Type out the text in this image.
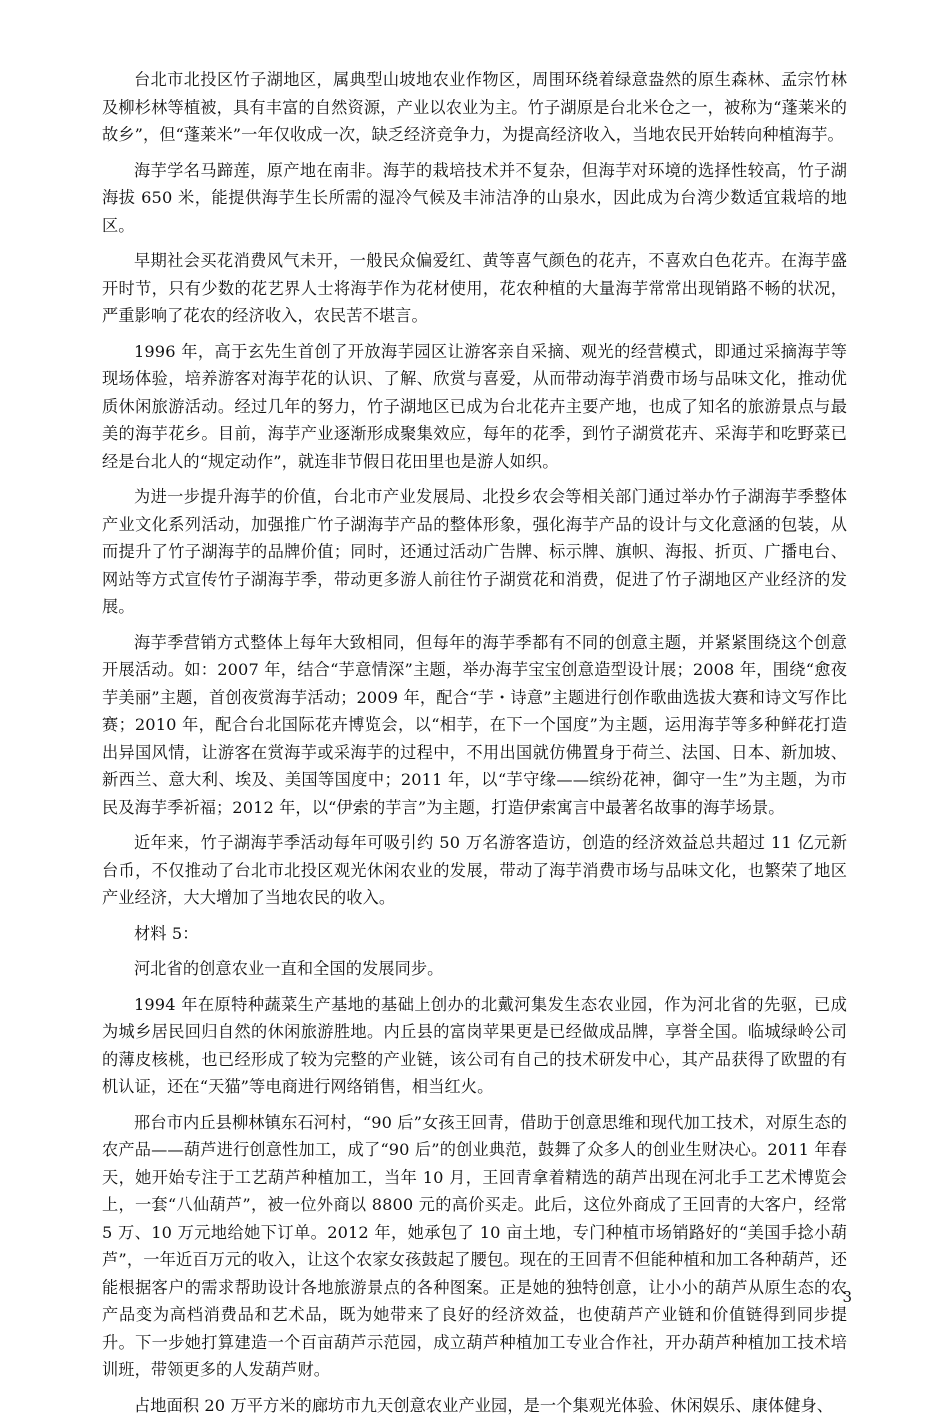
台北市北投区竹子湖地区，属典型山坡地农业作物区，周围环绕着绿意盎然的原生森林、孟宗竹林及柳杉林等植被，具有丰富的自然资源，产业以农业为主。竹子湖原是台北米仓之一，被称为“蓬莱米的故乡”，但“蓬莱米”一年仅收成一次，缺乏经济竞争力，为提高经济收入，当地农民开始转向种植海芋。

海芋学名马蹄莲，原产地在南非。海芋的栽培技术并不复杂，但海芋对环境的选择性较高，竹子湖海拔 650 米，能提供海芋生长所需的湿冷气候及丰沛洁净的山泉水，因此成为台湾少数适宜栽培的地区。

早期社会买花消费风气未开，一般民众偏爱红、黄等喜气颜色的花卉，不喜欢白色花卉。在海芋盛开时节，只有少数的花艺界人士将海芋作为花材使用，花农种植的大量海芋常常出现销路不畅的状况，严重影响了花农的经济收入，农民苦不堪言。

1996 年，高于玄先生首创了开放海芋园区让游客亲自采摘、观光的经营模式，即通过采摘海芋等现场体验，培养游客对海芋花的认识、了解、欣赏与喜爱，从而带动海芋消费市场与品味文化，推动优质休闲旅游活动。经过几年的努力，竹子湖地区已成为台北花卉主要产地，也成了知名的旅游景点与最美的海芋花乡。目前，海芋产业逐渐形成聚集效应，每年的花季，到竹子湖赏花卉、采海芋和吃野菜已经是台北人的“规定动作”，就连非节假日花田里也是游人如织。

为进一步提升海芋的价值，台北市产业发展局、北投乡农会等相关部门通过举办竹子湖海芋季整体产业文化系列活动，加强推广竹子湖海芋产品的整体形象，强化海芋产品的设计与文化意涵的包装，从而提升了竹子湖海芋的品牌价值；同时，还通过活动广告牌、标示牌、旗帜、海报、折页、广播电台、网站等方式宣传竹子湖海芋季，带动更多游人前往竹子湖赏花和消费，促进了竹子湖地区产业经济的发展。

海芋季营销方式整体上每年大致相同，但每年的海芋季都有不同的创意主题，并紧紧围绕这个创意开展活动。如：2007 年，结合“芋意情深”主题，举办海芋宝宝创意造型设计展；2008 年，围绕“愈夜芋美丽”主题，首创夜赏海芋活动；2009 年，配合“芋・诗意”主题进行创作歌曲选拔大赛和诗文写作比赛；2010 年，配合台北国际花卉博览会，以“相芋，在下一个国度”为主题，运用海芋等多种鲜花打造出异国风情，让游客在赏海芋或采海芋的过程中，不用出国就仿佛置身于荷兰、法国、日本、新加坡、新西兰、意大利、埃及、美国等国度中；2011 年，以“芋守缘——缤纷花神，御守一生”为主题，为市民及海芋季祈福；2012 年，以“伊索的芋言”为主题，打造伊索寓言中最著名故事的海芋场景。

近年来，竹子湖海芋季活动每年可吸引约 50 万名游客造访，创造的经济效益总共超过 11 亿元新台币，不仅推动了台北市北投区观光休闲农业的发展，带动了海芋消费市场与品味文化，也繁荣了地区产业经济，大大增加了当地农民的收入。

材料 5：

河北省的创意农业一直和全国的发展同步。

1994 年在原特种蔬菜生产基地的基础上创办的北戴河集发生态农业园，作为河北省的先驱，已成为城乡居民回归自然的休闲旅游胜地。内丘县的富岗苹果更是已经做成品牌，享誉全国。临城绿岭公司的薄皮核桃，也已经形成了较为完整的产业链，该公司有自己的技术研发中心，其产品获得了欧盟的有机认证，还在“天猫”等电商进行网络销售，相当红火。

邢台市内丘县柳林镇东石河村，“90 后”女孩王回青，借助于创意思维和现代加工技术，对原生态的农产品——葫芦进行创意性加工，成了“90 后”的创业典范，鼓舞了众多人的创业生财决心。2011 年春天，她开始专注于工艺葫芦种植加工，当年 10 月，王回青拿着精选的葫芦出现在河北手工艺术博览会上，一套“八仙葫芦”，被一位外商以 8800 元的高价买走。此后，这位外商成了王回青的大客户，经常 5 万、10 万元地给她下订单。2012 年，她承包了 10 亩土地，专门种植市场销路好的“美国手捻小葫芦”，一年近百万元的收入，让这个农家女孩鼓起了腰包。现在的王回青不但能种植和加工各种葫芦，还能根据客户的需求帮助设计各地旅游景点的各种图案。正是她的独特创意，让小小的葫芦从原生态的农产品变为高档消费品和艺术品，既为她带来了良好的经济效益，也使葫芦产业链和价值链得到同步提升。下一步她打算建造一个百亩葫芦示范园，成立葫芦种植加工专业合作社，开办葫芦种植加工技术培训班，带领更多的人发葫芦财。

占地面积 20 万平方米的廊坊市九天创意农业产业园，是一个集观光体验、休闲娱乐、康体健身、

3
